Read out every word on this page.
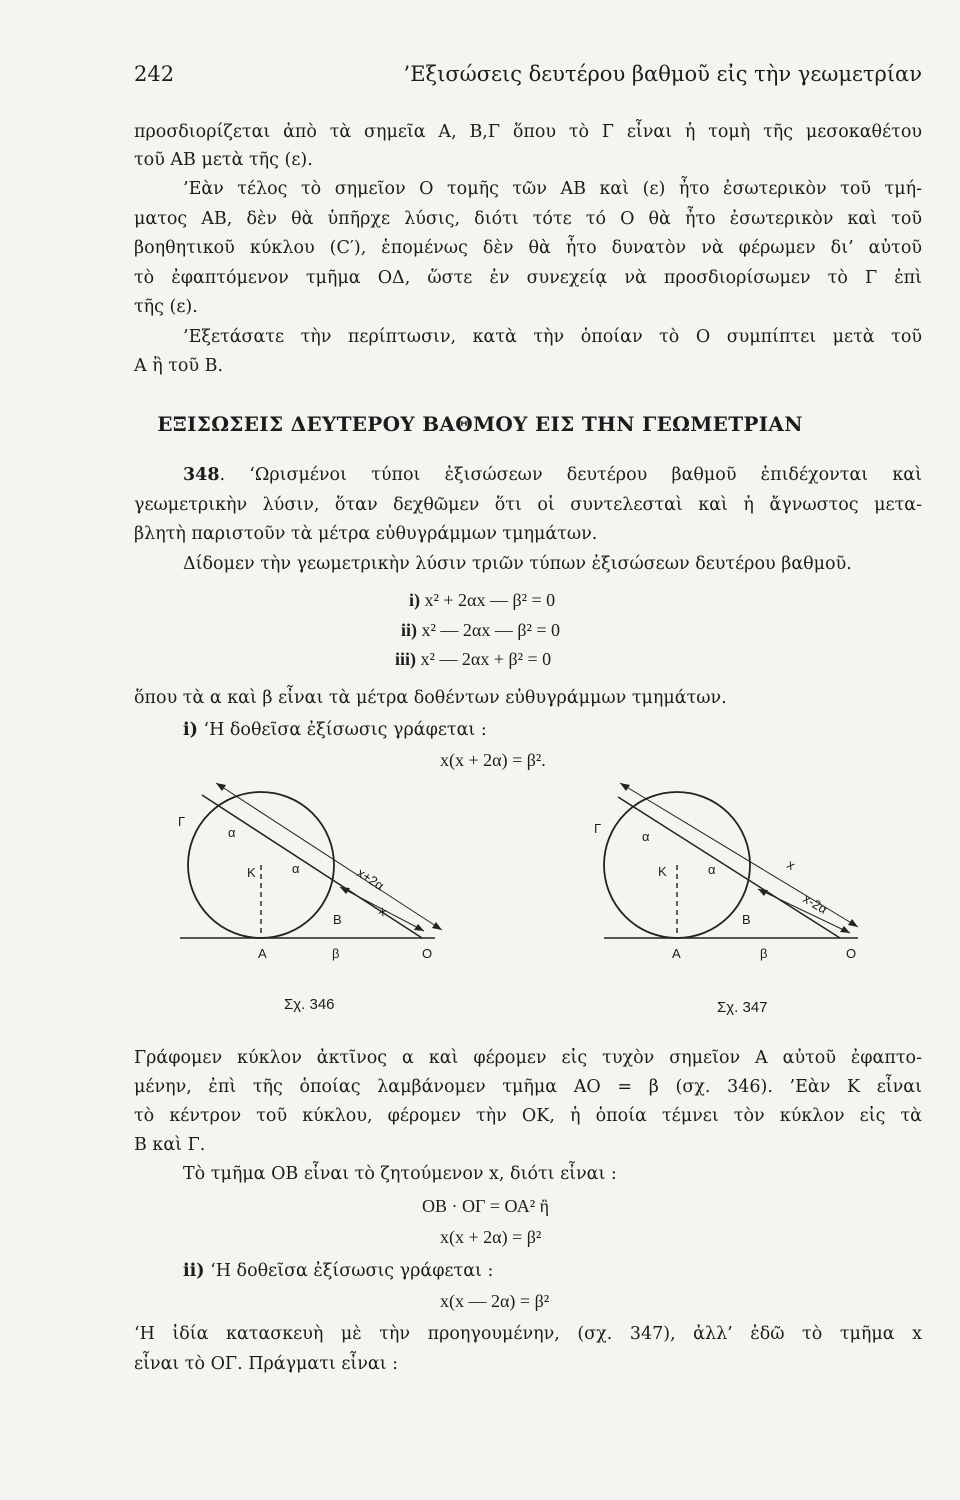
242	’Εξισώσεις δευτέρου βαθμοῦ εἰς τὴν γεωμετρίαν
προσδιορίζεται ἀπὸ τὰ σημεῖα Α, Β,Γ ὅπου τὸ Γ εἶναι ἡ τομὴ τῆς μεσοκαθέτου
τοῦ ΑΒ μετὰ τῆς (ε).
’Εὰν τέλος τὸ σημεῖον Ο τομῆς τῶν ΑΒ καὶ (ε) ἦτο ἐσωτερικὸν τοῦ τμή-
ματος ΑΒ, δὲν θὰ ὑπῆρχε λύσις, διότι τότε τό Ο θὰ ἦτο ἐσωτερικὸν καὶ τοῦ
βοηθητικοῦ κύκλου (C′), ἑπομένως δὲν θὰ ἦτο δυνατὸν νὰ φέρωμεν δι’ αὐτοῦ
τὸ ἐφαπτόμενον τμῆμα ΟΔ, ὥστε ἐν συνεχείᾳ νὰ προσδιορίσωμεν τὸ Γ ἐπὶ
τῆς (ε).
’Εξετάσατε τὴν περίπτωσιν, κατὰ τὴν ὁποίαν τὸ Ο συμπίπτει μετὰ τοῦ
Α ἢ τοῦ Β.
ΕΞΙΣΩΣΕΙΣ ΔΕΥΤΕΡΟΥ ΒΑΘΜΟΥ ΕΙΣ ΤΗΝ ΓΕΩΜΕΤΡΙΑΝ
348. ‘Ωρισμένοι τύποι ἐξισώσεων δευτέρου βαθμοῦ ἐπιδέχονται καὶ
γεωμετρικὴν λύσιν, ὅταν δεχθῶμεν ὅτι οἱ συντελεσταὶ καὶ ἡ ἄγνωστος μετα-
βλητὴ παριστοῦν τὰ μέτρα εὐθυγράμμων τμημάτων.
Δίδομεν τὴν γεωμετρικὴν λύσιν τριῶν τύπων ἐξισώσεων δευτέρου βαθμοῦ.
i) x² + 2αx — β² = 0
ii) x² — 2αx — β² = 0
iii) x² — 2αx + β² = 0
ὅπου τὰ α καὶ β εἶναι τὰ μέτρα δοθέντων εὐθυγράμμων τμημάτων.
i) ‘Η δοθεῖσα ἐξίσωσις γράφεται :
x(x + 2α) = β².
Γ
α
Κ	α
Β
Α	β	Ο
x+2α
x
Σχ. 346
Γ
α
Κ	α
Β
Α	β	Ο
x
x-2α
Σχ. 347
Γράφομεν κύκλον ἀκτῖνος α καὶ φέρομεν εἰς τυχὸν σημεῖον Α αὐτοῦ ἐφαπτο-
μένην, ἐπὶ τῆς ὁποίας λαμβάνομεν τμῆμα ΑΟ = β (σχ. 346). ’Εὰν Κ εἶναι
τὸ κέντρον τοῦ κύκλου, φέρομεν τὴν ΟΚ, ἡ ὁποία τέμνει τὸν κύκλον εἰς τὰ
Β καὶ Γ.
Τὸ τμῆμα ΟΒ εἶναι τὸ ζητούμενον x, διότι εἶναι :
ΟΒ · ΟΓ = ΟΑ² ἢ
x(x + 2α) = β²
ii) ‘Η δοθεῖσα ἐξίσωσις γράφεται :
x(x — 2α) = β²
‘Η ἰδία κατασκευὴ μὲ τὴν προηγουμένην, (σχ. 347), ἀλλ’ ἐδῶ τὸ τμῆμα x
εἶναι τὸ ΟΓ. Πράγματι εἶναι :
